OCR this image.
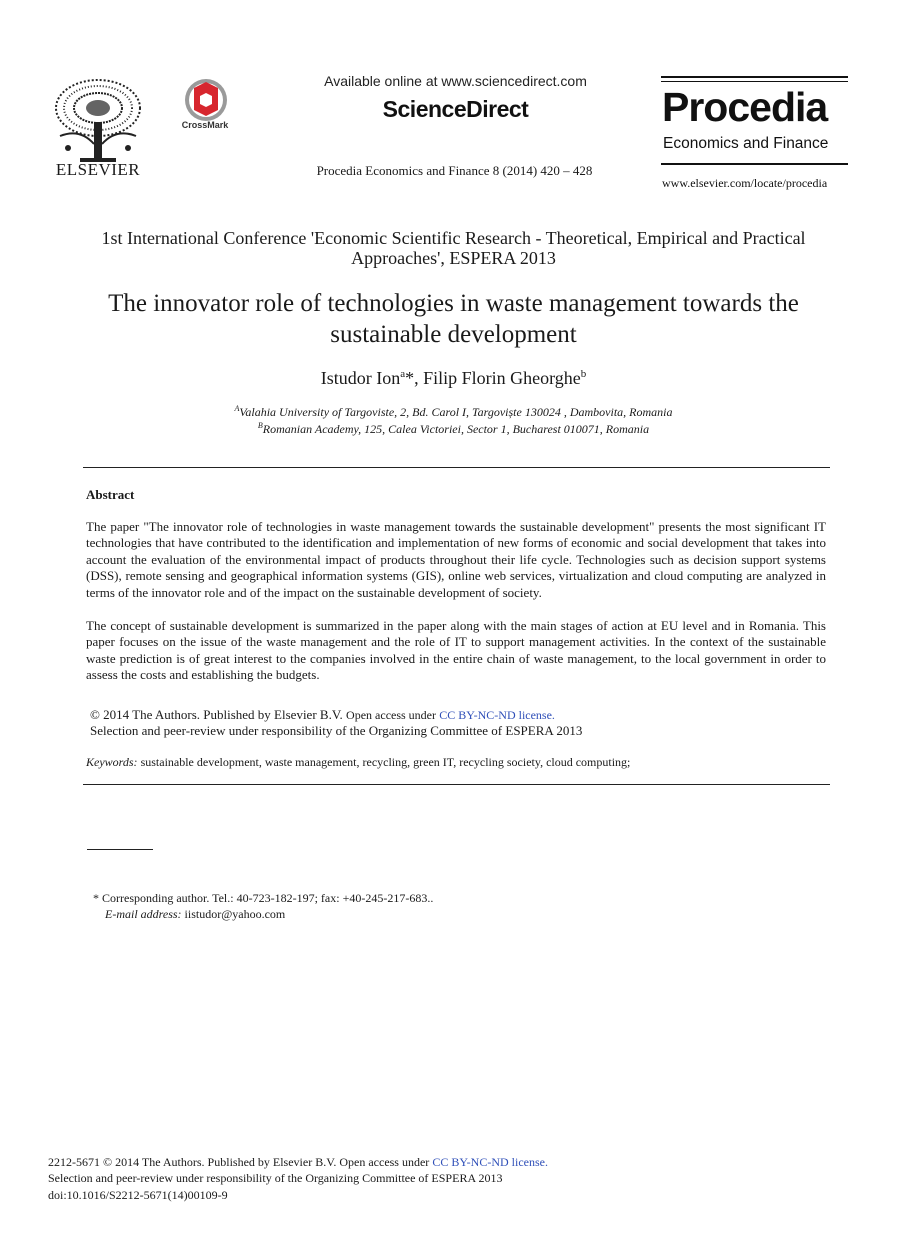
ELSEVIER
CrossMark
Available online at www.sciencedirect.com
ScienceDirect
Procedia Economics and Finance 8 (2014) 420 – 428
Procedia
Economics and Finance
www.elsevier.com/locate/procedia
1st International Conference 'Economic Scientific Research - Theoretical, Empirical and Practical Approaches', ESPERA 2013
The innovator role of technologies in waste management towards the sustainable development
Istudor Ion$^a$*, Filip Florin Gheorghe$^b$
$^A$Valahia University of Targoviste, 2, Bd. Carol I, Targoviște 130024 , Dambovita, Romania
$^B$Romanian Academy, 125, Calea Victoriei, Sector 1, Bucharest 010071, Romania
Abstract
The paper "The innovator role of technologies in waste management towards the sustainable development" presents the most significant IT technologies that have contributed to the identification and implementation of new forms of economic and social development that takes into account the evaluation of the environmental impact of products throughout their life cycle. Technologies such as decision support systems (DSS), remote sensing and geographical information systems (GIS), online web services, virtualization and cloud computing are analyzed in terms of the innovator role and of the impact on the sustainable development of society.
The concept of sustainable development is summarized in the paper along with the main stages of action at EU level and in Romania. This paper focuses on the issue of the waste management and the role of IT to support management activities. In the context of the sustainable waste prediction is of great interest to the companies involved in the entire chain of waste management, to the local government in order to assess the costs and establishing the budgets.
© 2014 The Authors. Published by Elsevier B.V. Open access under CC BY-NC-ND license.
Selection and peer-review under responsibility of the Organizing Committee of ESPERA 2013
Keywords: sustainable development, waste management, recycling, green IT, recycling society, cloud computing;
* Corresponding author. Tel.: 40-723-182-197; fax: +40-245-217-683..
E-mail address: iistudor@yahoo.com
2212-5671 © 2014 The Authors. Published by Elsevier B.V. Open access under CC BY-NC-ND license.
Selection and peer-review under responsibility of the Organizing Committee of ESPERA 2013
doi:10.1016/S2212-5671(14)00109-9
